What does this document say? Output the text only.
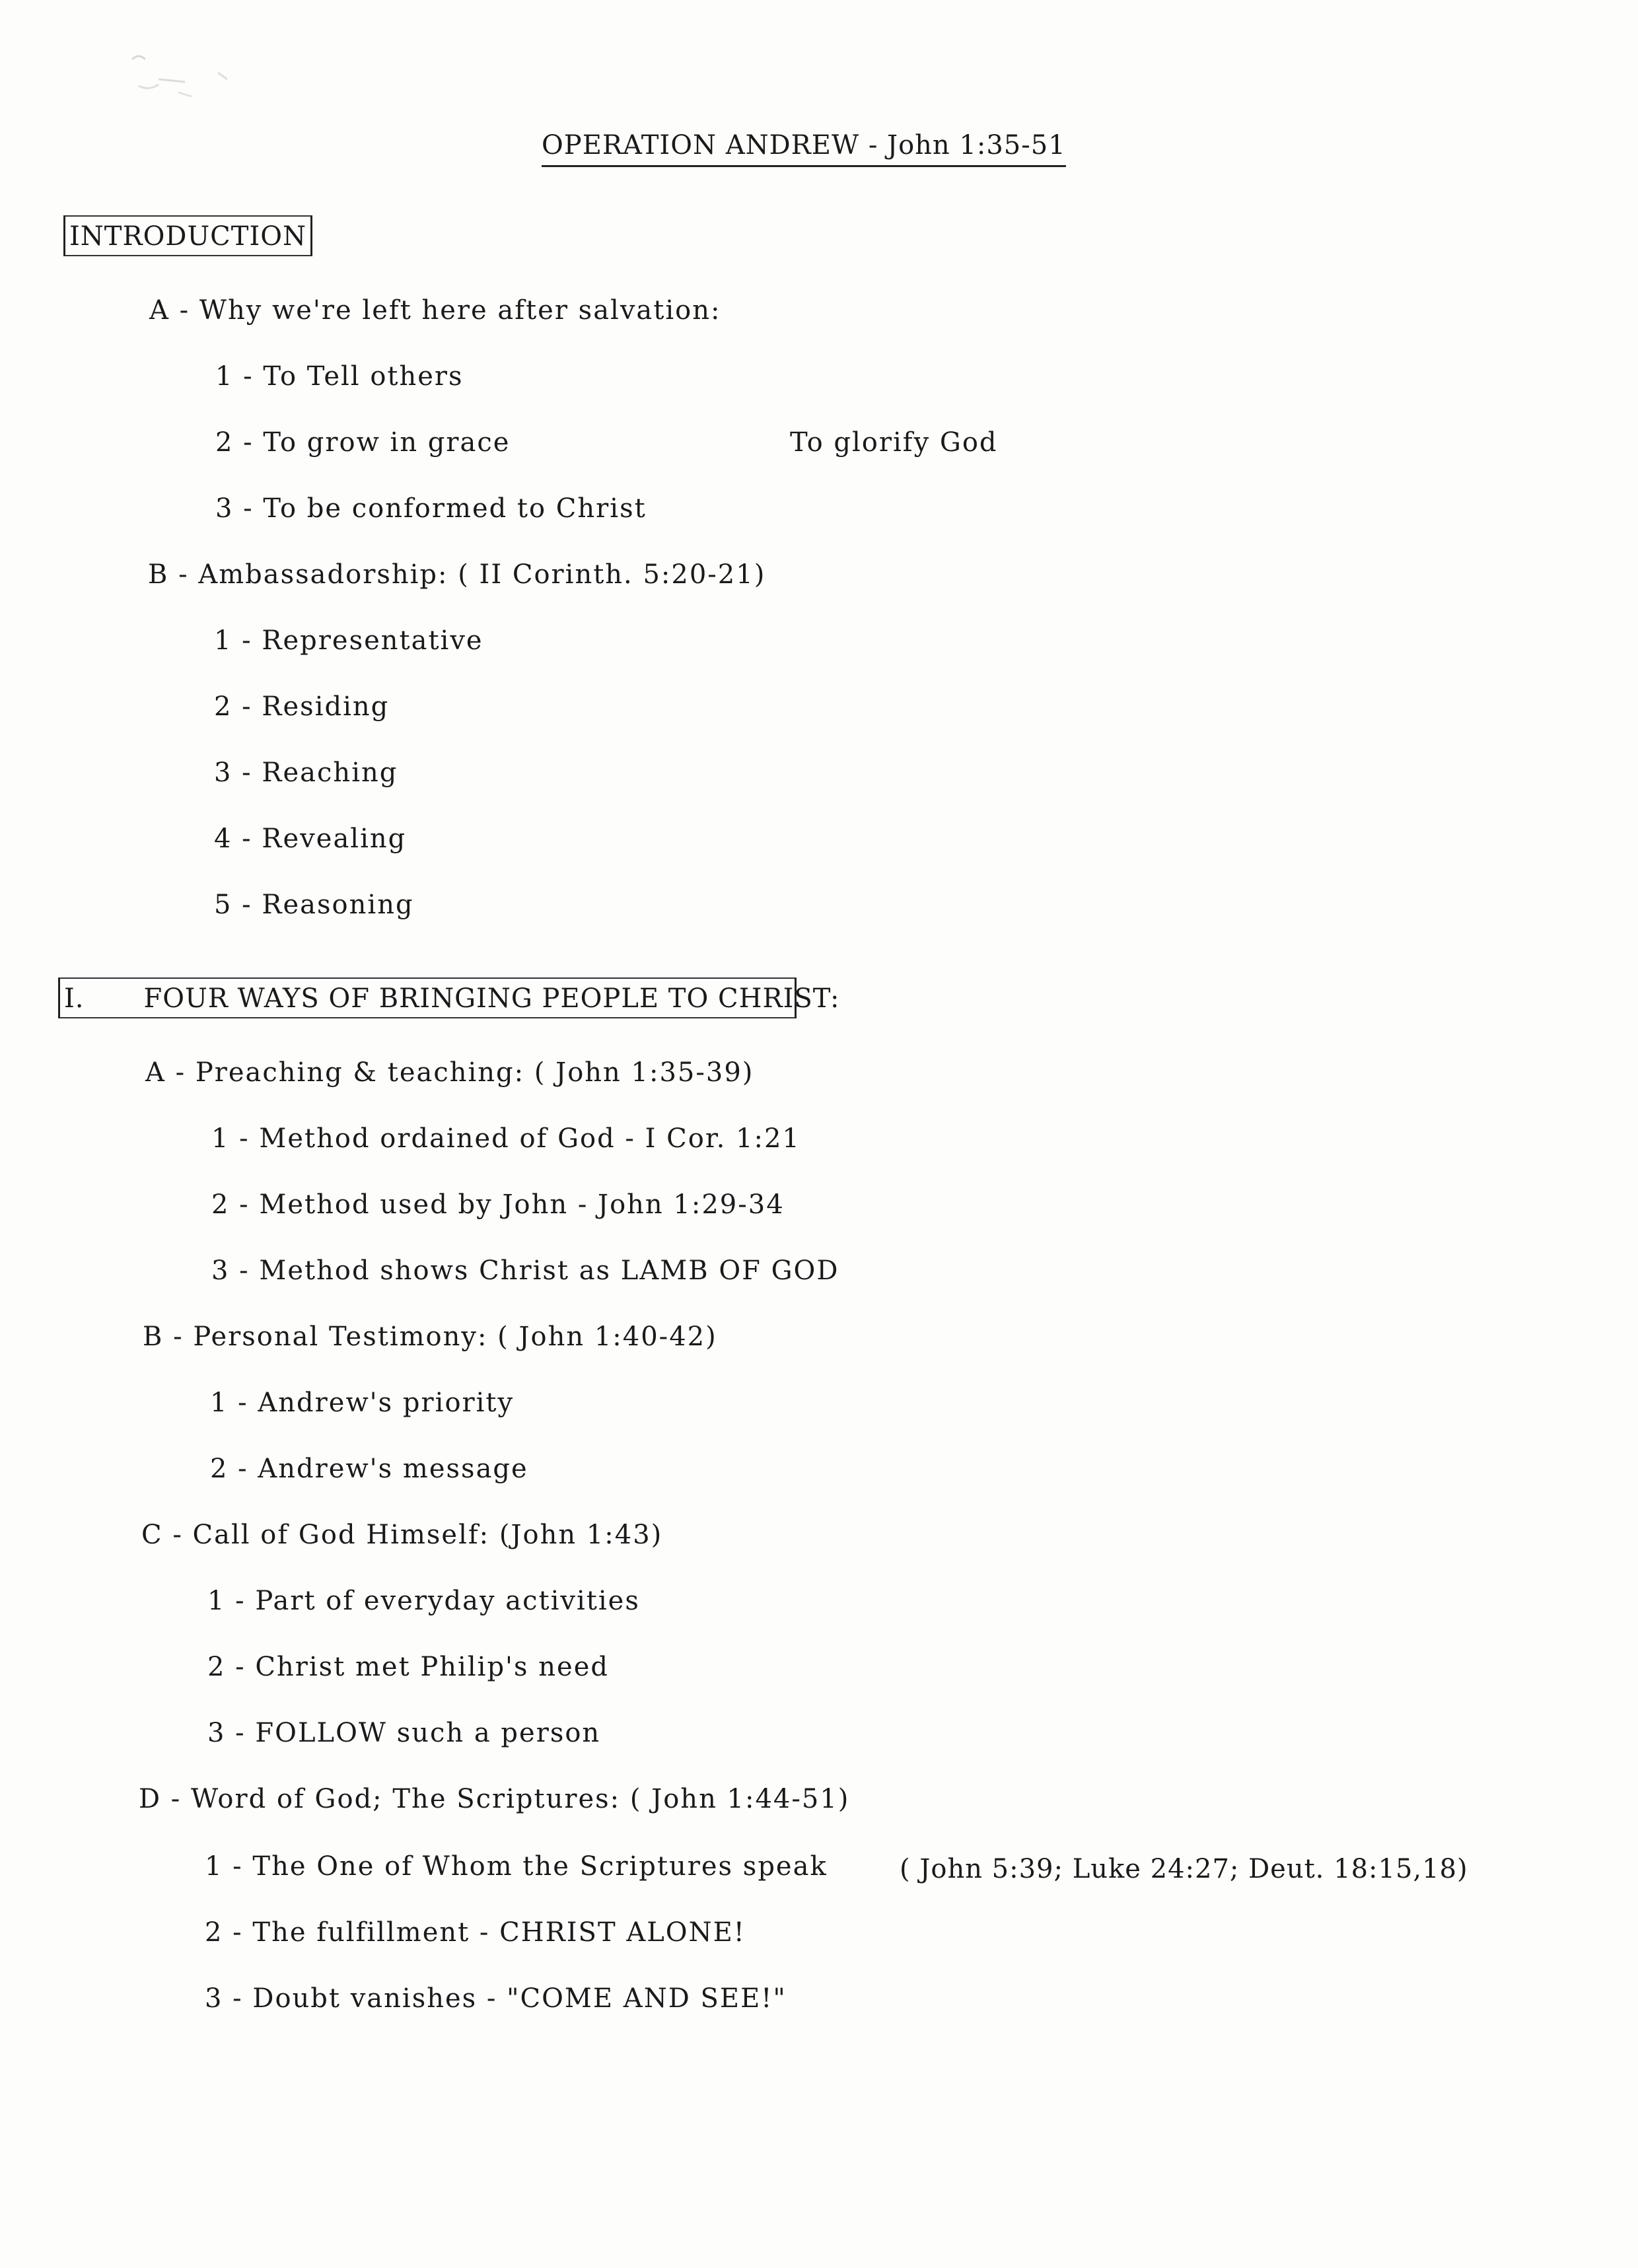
OPERATION ANDREW - John 1:35-51
INTRODUCTION
A - Why we're left here after salvation:
1 - To Tell others
2 - To grow in grace	To glorify God
3 - To be conformed to Christ
B - Ambassadorship: ( II Corinth. 5:20-21)
1 - Representative
2 - Residing
3 - Reaching
4 - Revealing
5 - Reasoning
I. FOUR WAYS OF BRINGING PEOPLE TO CHRIST:
A - Preaching & teaching: ( John 1:35-39)
1 - Method ordained of God - I Cor. 1:21
2 - Method used by John - John 1:29-34
3 - Method shows Christ as LAMB OF GOD
B - Personal Testimony: ( John 1:40-42)
1 - Andrew's priority
2 - Andrew's message
C - Call of God Himself: (John 1:43)
1 - Part of everyday activities
2 - Christ met Philip's need
3 - FOLLOW such a person
D - Word of God; The Scriptures: ( John 1:44-51)
1 - The One of Whom the Scriptures speak	( John 5:39; Luke 24:27; Deut. 18:15,18)
2 - The fulfillment - CHRIST ALONE!
3 - Doubt vanishes - "COME AND SEE!"
